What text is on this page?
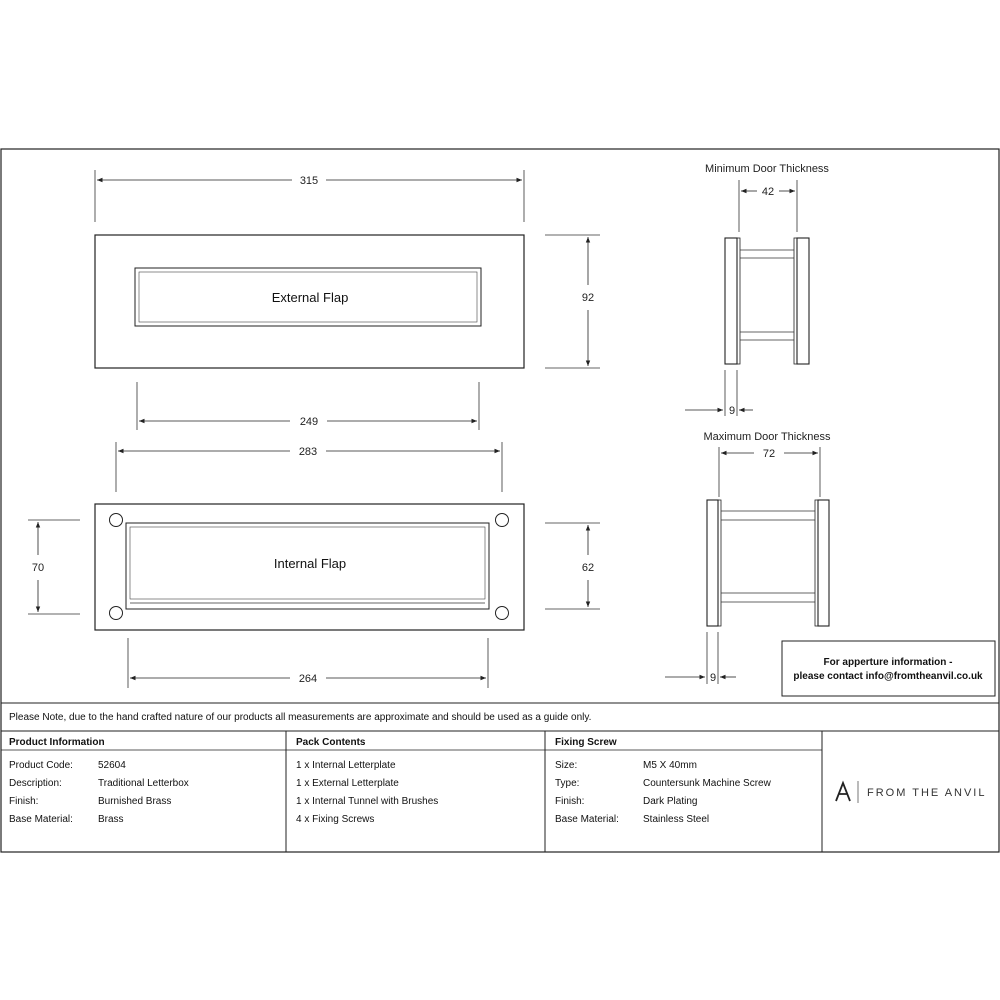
315
External Flap	92
249
283
Internal Flap
70	62
264
Minimum Door Thickness
42
9
Maximum Door Thickness
72
9
For apperture information -
please contact info@fromtheanvil.co.uk
Please Note, due to the hand crafted nature of our products all measurements are approximate and should be used as a guide only.
Product Information
Product Code:	52604
Description:	Traditional Letterbox
Finish:	Burnished Brass
Base Material:	Brass
Pack Contents
1 x Internal Letterplate
1 x External Letterplate
1 x Internal Tunnel with Brushes
4 x Fixing Screws
Fixing Screw
Size:	M5 X 40mm
Type:	Countersunk Machine Screw
Finish:	Dark Plating
Base Material: Stainless Steel
FROM THE ANVIL
